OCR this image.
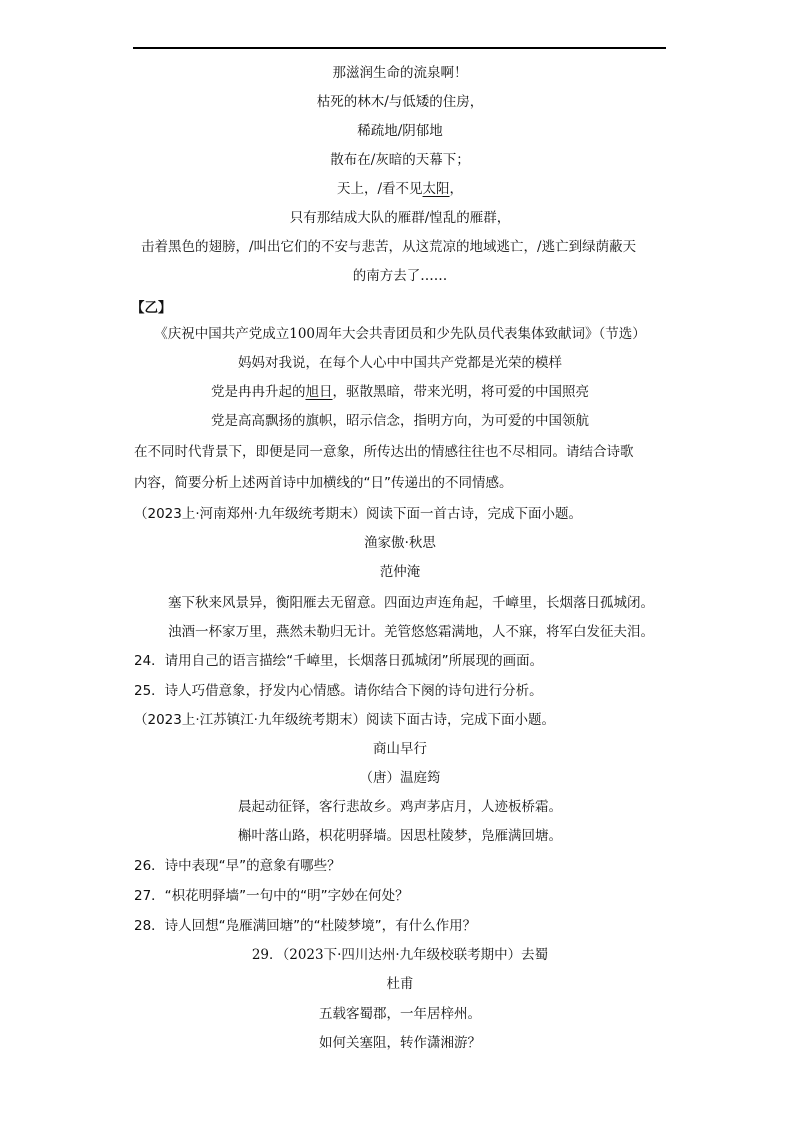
那滋润生命的流泉啊！
枯死的林木/与低矮的住房，
稀疏地/阴郁地
散布在/灰暗的天幕下；
天上，/看不见太阳，
只有那结成大队的雁群/惶乱的雁群，
击着黑色的翅膀，/叫出它们的不安与悲苦，从这荒凉的地域逃亡，/逃亡到绿荫蔽天
的南方去了……
【乙】
《庆祝中国共产党成立100周年大会共青团员和少先队员代表集体致献词》（节选）
妈妈对我说，在每个人心中中国共产党都是光荣的模样
党是冉冉升起的旭日，驱散黑暗，带来光明，将可爱的中国照亮
党是高高飘扬的旗帜，昭示信念，指明方向，为可爱的中国领航
在不同时代背景下，即便是同一意象，所传达出的情感往往也不尽相同。请结合诗歌
内容，简要分析上述两首诗中加横线的“日”传递出的不同情感。
（2023上·河南郑州·九年级统考期末）阅读下面一首古诗，完成下面小题。
渔家傲·秋思
范仲淹
塞下秋来风景异，衡阳雁去无留意。四面边声连角起，千嶂里，长烟落日孤城闭。
浊酒一杯家万里，燕然未勒归无计。羌管悠悠霜满地，人不寐，将军白发征夫泪。
24．请用自己的语言描绘“千嶂里，长烟落日孤城闭”所展现的画面。
25．诗人巧借意象，抒发内心情感。请你结合下阕的诗句进行分析。
（2023上·江苏镇江·九年级统考期末）阅读下面古诗，完成下面小题。
商山早行
（唐）温庭筠
晨起动征铎，客行悲故乡。鸡声茅店月，人迹板桥霜。
槲叶落山路，枳花明驿墙。因思杜陵梦，凫雁满回塘。
26．诗中表现“早”的意象有哪些？
27．“枳花明驿墙”一句中的“明”字妙在何处？
28．诗人回想“凫雁满回塘”的“杜陵梦境”，有什么作用？
29．（2023下·四川达州·九年级校联考期中）去蜀
杜甫
五载客蜀郡，一年居梓州。
如何关塞阻，转作潇湘游？
